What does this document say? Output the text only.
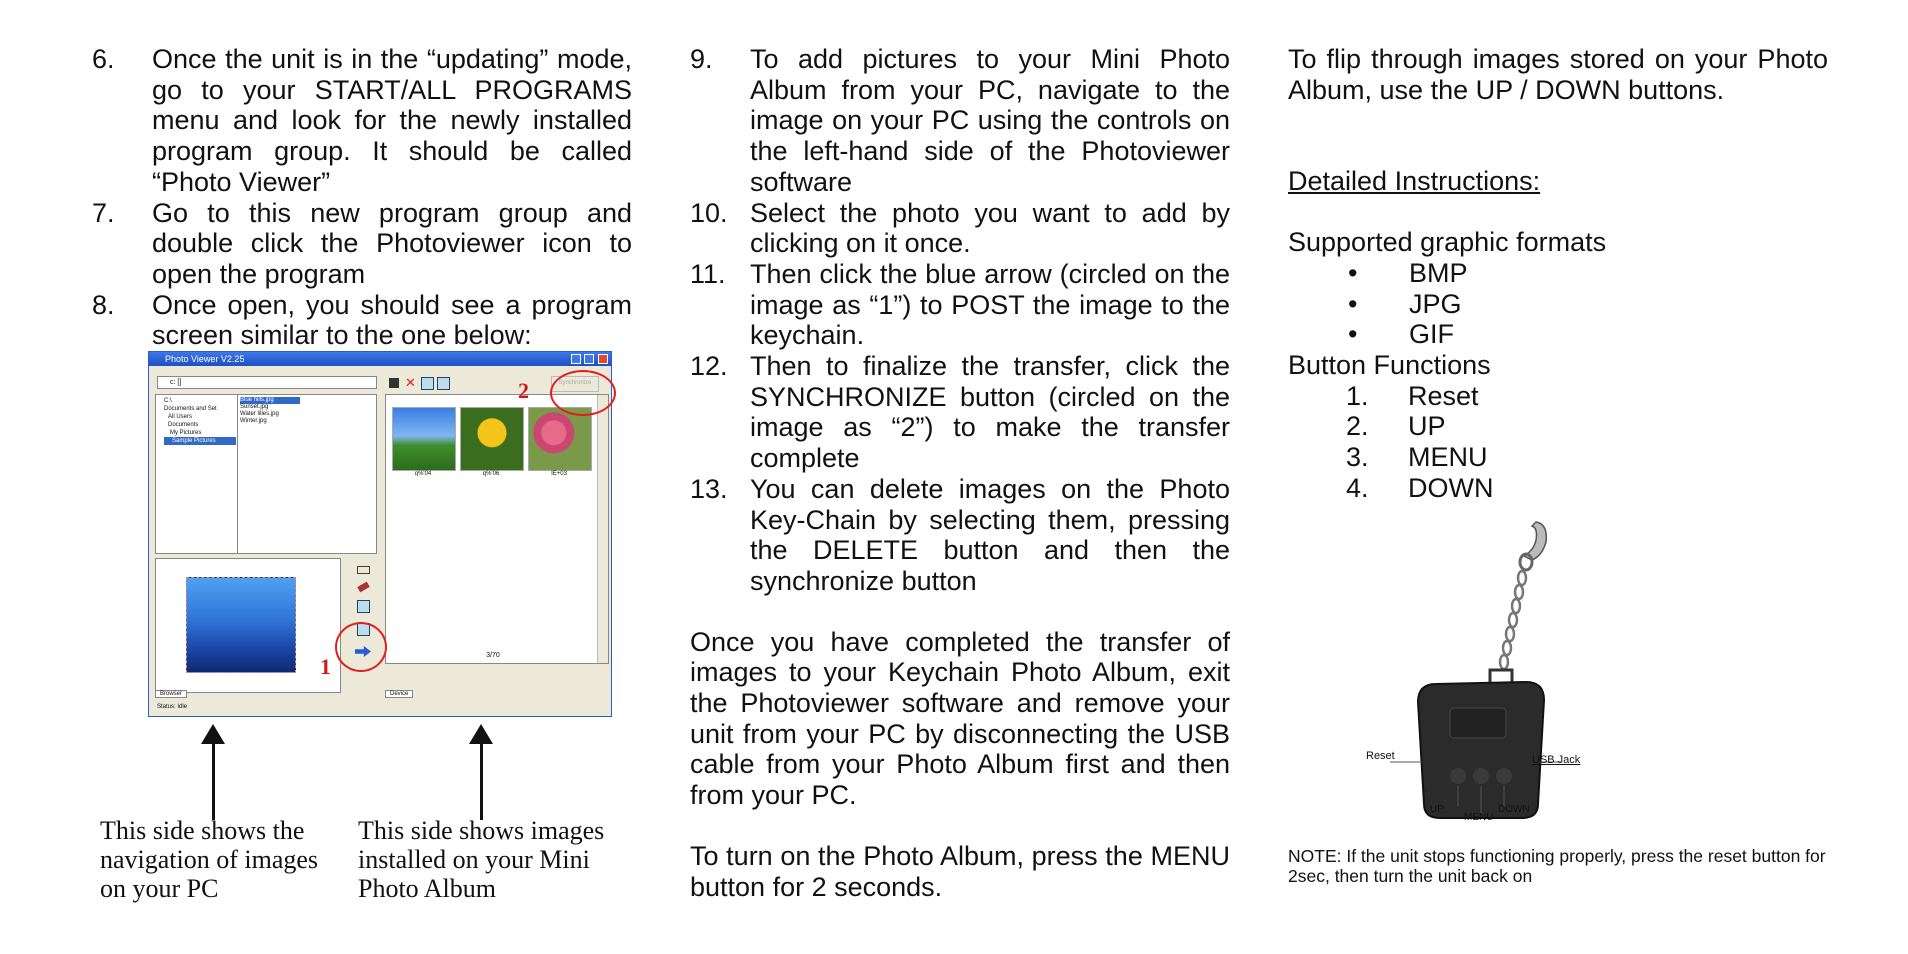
6.	Once the unit is in the “updating” mode, go to your START/ALL PROGRAMS menu and look for the newly installed program group. It should be called “Photo Viewer”
7.	Go to this new program group and double click the Photoviewer icon to open the program
8.	Once open, you should see a program screen similar to the one below:
Photo Viewer V2.25
c: []
C:\
Documents and Set
All Users
Documents
My Pictures
Sample Pictures
Blue hills.jpg
Sunset.jpg
Water lilies.jpg
Winter.jpg
✕	Synchronize
q%'04	q%'06	IE+03
3/70
Browser	Device
Status: Idle
1
2
This side shows the navigation of images on your PC
This side shows images installed on your Mini Photo Album
9.	To add pictures to your Mini Photo Album from your PC, navigate to the image on your PC using the controls on the left-hand side of the Photoviewer software
10. Select the photo you want to add by clicking on it once.
11. Then click the blue arrow (circled on the image as “1”) to POST the image to the keychain.
12. Then to finalize the transfer, click the SYNCHRONIZE button (circled on the image as “2”) to make the transfer complete
13. You can delete images on the Photo Key-Chain by selecting them, pressing the DELETE button and then the synchronize button
Once you have completed the transfer of images to your Keychain Photo Album, exit the Photoviewer software and remove your unit from your PC by disconnecting the USB cable from your Photo Album first and then from your PC.
To turn on the Photo Album, press the MENU button for 2 seconds.
To flip through images stored on your Photo Album, use the UP / DOWN buttons.
Detailed Instructions:
Supported graphic formats
•	BMP
•	JPG
•	GIF
Button Functions
1.	Reset
2.	UP
3.	MENU
4.	DOWN
Reset	USB Jack
UP
MENU
DOWN
NOTE: If the unit stops functioning properly, press the reset button for 2sec, then turn the unit back on
